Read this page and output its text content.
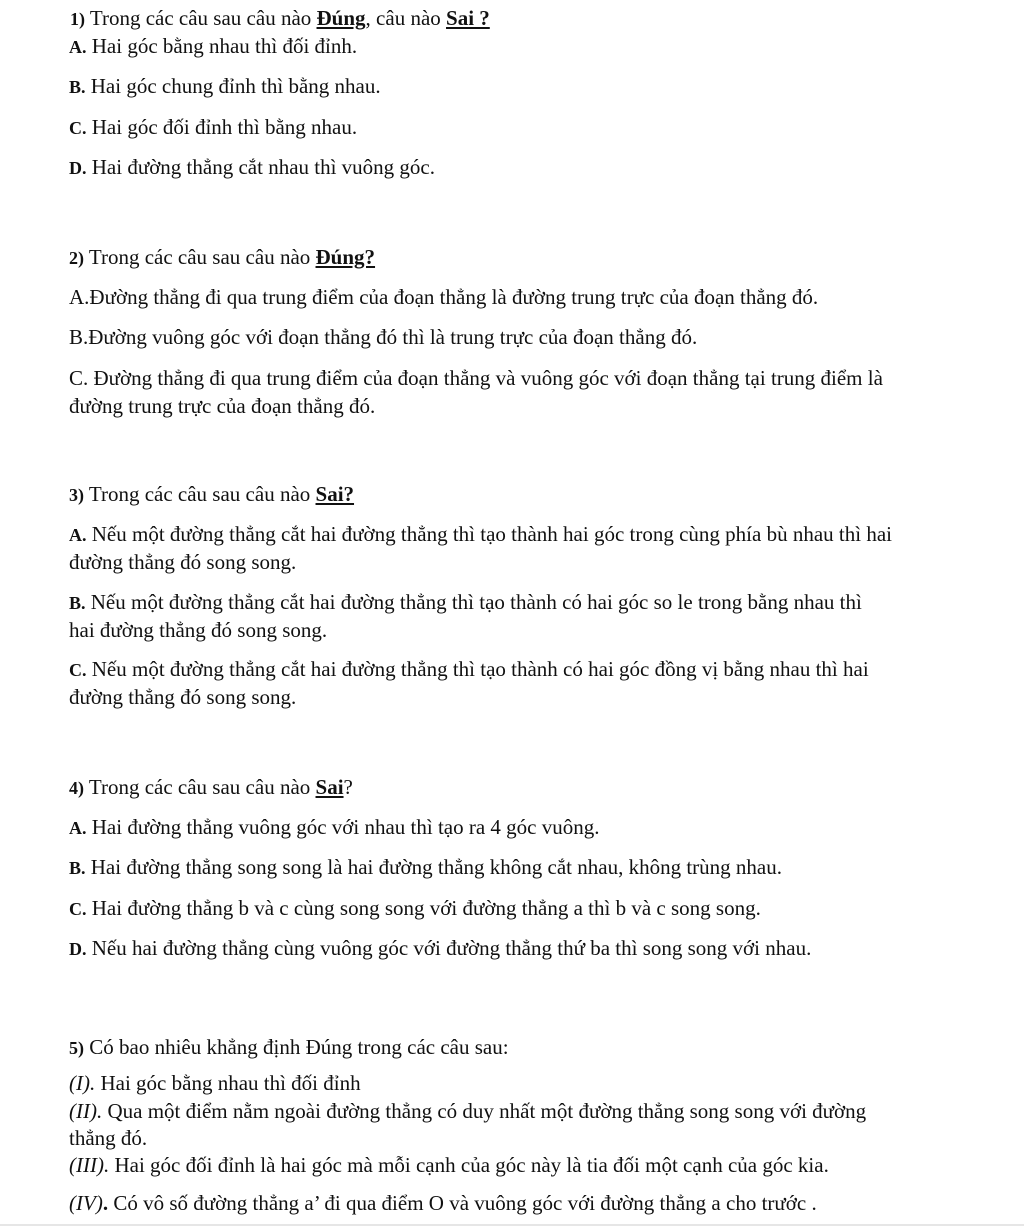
1) Trong các câu sau câu nào Đúng, câu nào Sai ?
A. Hai góc bằng nhau thì đối đỉnh.
B. Hai góc chung đỉnh thì bằng nhau.
C. Hai góc đối đỉnh thì bằng nhau.
D. Hai đường thẳng cắt nhau thì vuông góc.
2) Trong các câu sau câu nào Đúng?
A.Đường thẳng đi qua trung điểm của đoạn thẳng là đường trung trực của đoạn thẳng đó.
B.Đường vuông góc với đoạn thẳng đó thì là trung trực của đoạn thẳng đó.
C. Đường thẳng đi qua trung điểm của đoạn thẳng và vuông góc với đoạn thẳng tại trung điểm là
đường trung trực của đoạn thẳng đó.
3) Trong các câu sau câu nào Sai?
A. Nếu một đường thẳng cắt hai đường thẳng thì tạo thành hai góc trong cùng phía bù nhau thì hai
đường thẳng đó song song.
B. Nếu một đường thẳng cắt hai đường thẳng thì tạo thành có hai góc so le trong bằng nhau thì
hai đường thẳng đó song song.
C. Nếu một đường thẳng cắt hai đường thẳng thì tạo thành có hai góc đồng vị bằng nhau thì hai
đường thẳng đó song song.
4) Trong các câu sau câu nào Sai?
A. Hai đường thẳng vuông góc với nhau thì tạo ra 4 góc vuông.
B. Hai đường thẳng song song là hai đường thẳng không cắt nhau, không trùng nhau.
C. Hai đường thẳng b và c cùng song song với đường thẳng a thì b và c song song.
D. Nếu hai đường thẳng cùng vuông góc với đường thẳng thứ ba thì song song với nhau.
5) Có bao nhiêu khẳng định Đúng trong các câu sau:
(I). Hai góc bằng nhau thì đối đỉnh
(II). Qua một điểm nằm ngoài đường thẳng có duy nhất một đường thẳng song song với đường
thẳng đó.
(III). Hai góc đối đỉnh là hai góc mà mỗi cạnh của góc này là tia đối một cạnh của góc kia.
(IV). Có vô số đường thẳng a’ đi qua điểm O và vuông góc với đường thẳng a cho trước .
